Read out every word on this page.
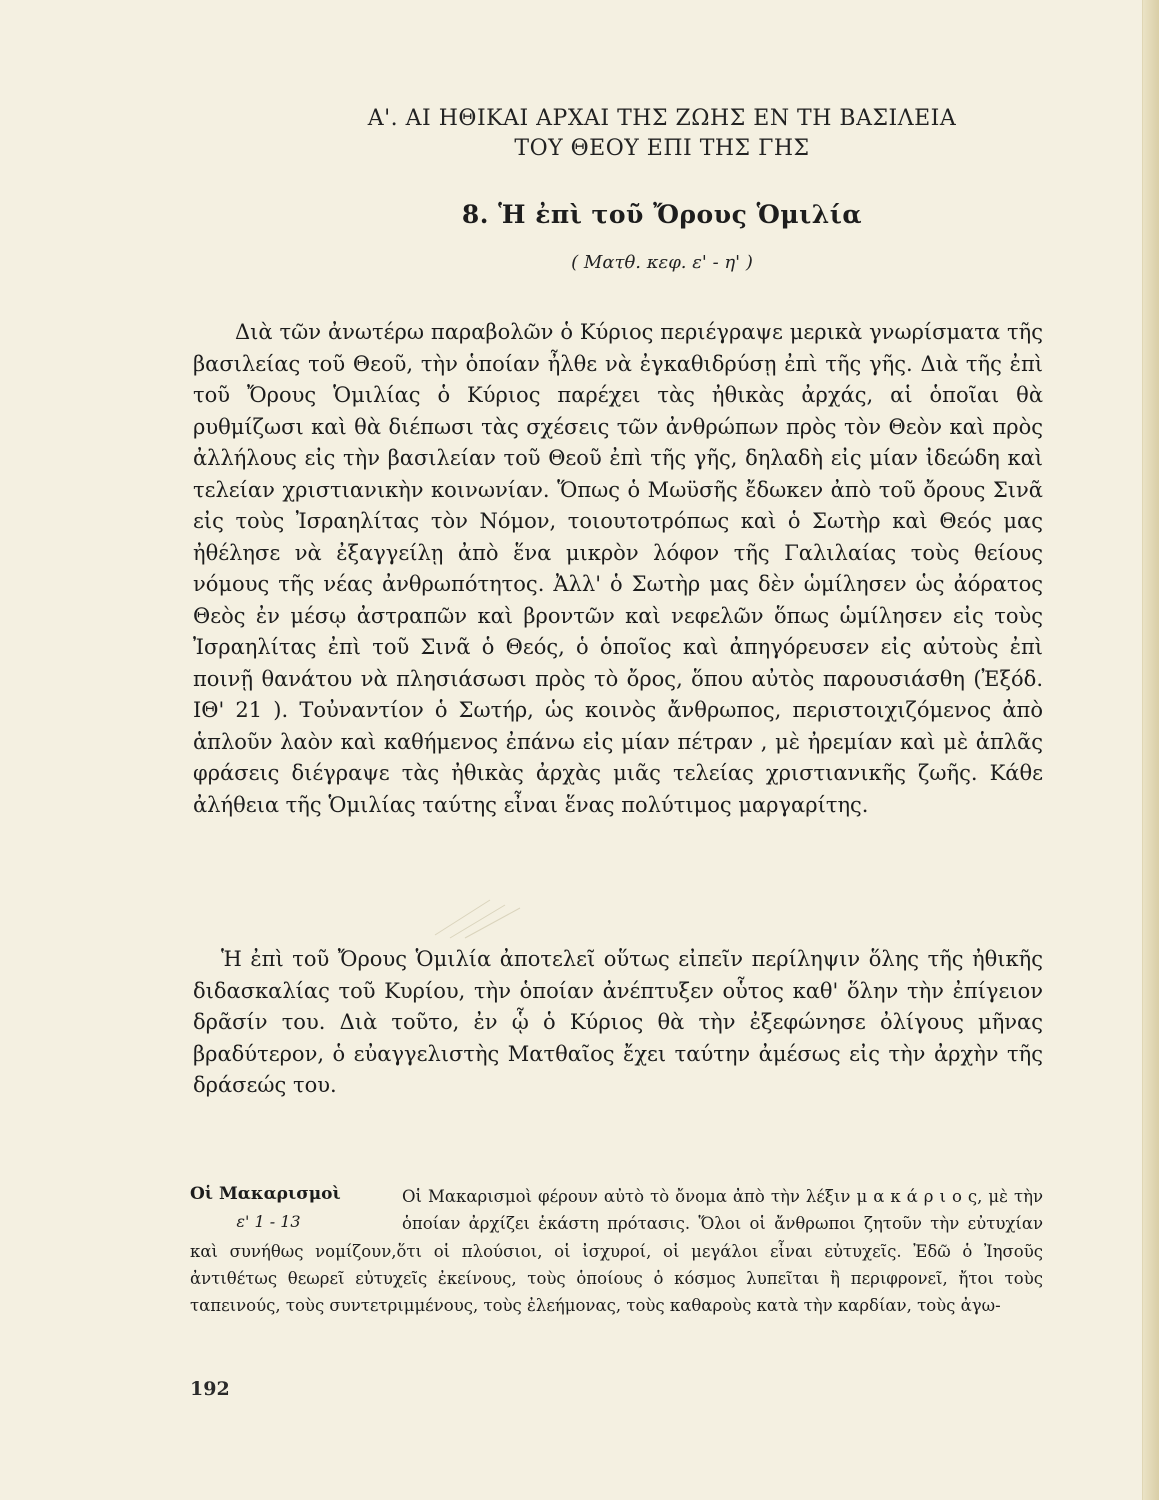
Α'. ΑΙ ΗΘΙΚΑΙ ΑΡΧΑΙ ΤΗΣ ΖΩΗΣ ΕΝ ΤΗ ΒΑΣΙΛΕΙΑ
ΤΟΥ ΘΕΟΥ ΕΠΙ ΤΗΣ ΓΗΣ
8. Ἡ ἐπὶ τοῦ Ὄρους Ὁμιλία
( Ματθ. κεφ. ε' - η' )

Διὰ τῶν ἀνωτέρω παραβολῶν ὁ Κύριος περιέγραψε μερικὰ γνωρίσματα τῆς βασιλείας τοῦ Θεοῦ, τὴν ὁποίαν ἦλθε νὰ ἐγκαθιδρύσῃ ἐπὶ τῆς γῆς. Διὰ τῆς ἐπὶ τοῦ Ὄρους Ὁμιλίας ὁ Κύριος παρέχει τὰς ἠθικὰς ἀρχάς, αἱ ὁποῖαι θὰ ρυθμίζωσι καὶ θὰ διέπωσι τὰς σχέσεις τῶν ἀνθρώπων πρὸς τὸν Θεὸν καὶ πρὸς ἀλλήλους εἰς τὴν βασιλείαν τοῦ Θεοῦ ἐπὶ τῆς γῆς, δηλαδὴ εἰς μίαν ἰδεώδη καὶ τελείαν χριστιανικὴν κοινωνίαν. Ὅπως ὁ Μωϋσῆς ἔδωκεν ἀπὸ τοῦ ὄρους Σινᾶ εἰς τοὺς Ἰσραηλίτας τὸν Νόμον, τοιουτοτρόπως καὶ ὁ Σωτὴρ καὶ Θεός μας ἠθέλησε νὰ ἐξαγγείλῃ ἀπὸ ἕνα μικρὸν λόφον τῆς Γαλιλαίας τοὺς θείους νόμους τῆς νέας ἀνθρωπότητος. Ἀλλ' ὁ Σωτὴρ μας δὲν ὡμίλησεν ὡς ἀόρατος Θεὸς ἐν μέσῳ ἀστραπῶν καὶ βροντῶν καὶ νεφελῶν ὅπως ὡμίλησεν εἰς τοὺς Ἰσραηλίτας ἐπὶ τοῦ Σινᾶ ὁ Θεός, ὁ ὁποῖος καὶ ἀπηγόρευσεν εἰς αὐτοὺς ἐπὶ ποινῇ θανάτου νὰ πλησιάσωσι πρὸς τὸ ὄρος, ὅπου αὐτὸς παρουσιάσθη (Ἐξόδ. ΙΘ' 21 ). Τοὐναντίον ὁ Σωτήρ, ὡς κοινὸς ἄνθρωπος, περιστοιχιζόμενος ἀπὸ ἁπλοῦν λαὸν καὶ καθήμενος ἐπάνω εἰς μίαν πέτραν , μὲ ἠρεμίαν καὶ μὲ ἁπλᾶς φράσεις διέγραψε τὰς ἠθικὰς ἀρχὰς μιᾶς τελείας χριστιανικῆς ζωῆς. Κάθε ἀλήθεια τῆς Ὁμιλίας ταύτης εἶναι ἕνας πολύτιμος μαργαρίτης.

Ἡ ἐπὶ τοῦ Ὄρους Ὁμιλία ἀποτελεῖ οὕτως εἰπεῖν περίληψιν ὅλης τῆς ἠθικῆς διδασκαλίας τοῦ Κυρίου, τὴν ὁποίαν ἀνέπτυξεν οὗτος καθ' ὅλην τὴν ἐπίγειον δρᾶσίν του. Διὰ τοῦτο, ἐν ᾧ ὁ Κύριος θὰ τὴν ἐξεφώνησε ὀλίγους μῆνας βραδύτερον, ὁ εὐαγγελιστὴς Ματθαῖος ἔχει ταύτην ἀμέσως εἰς τὴν ἀρχὴν τῆς δράσεώς του.

Οἱ Μακαρισμοὶ
ε' 1 - 13

Οἱ Μακαρισμοὶ φέρουν αὐτὸ τὸ ὄνομα ἀπὸ τὴν λέξιν μ α κ ά ρ ι ο ς, μὲ τὴν ὁποίαν ἀρχίζει ἑκάστη πρότασις. Ὅλοι οἱ ἄνθρωποι ζητοῦν τὴν εὐτυχίαν καὶ συνήθως νομίζουν,ὅτι οἱ πλούσιοι, οἱ ἰσχυροί, οἱ μεγάλοι εἶναι εὐτυχεῖς. Ἐδῶ ὁ Ἰησοῦς ἀντιθέτως θεωρεῖ εὐτυχεῖς ἐκείνους, τοὺς ὁποίους ὁ κόσμος λυπεῖται ἢ περιφρονεῖ, ἤτοι τοὺς ταπεινούς, τοὺς συντετριμμένους, τοὺς ἐλεήμονας, τοὺς καθαροὺς κατὰ τὴν καρδίαν, τοὺς ἀγω-

192
